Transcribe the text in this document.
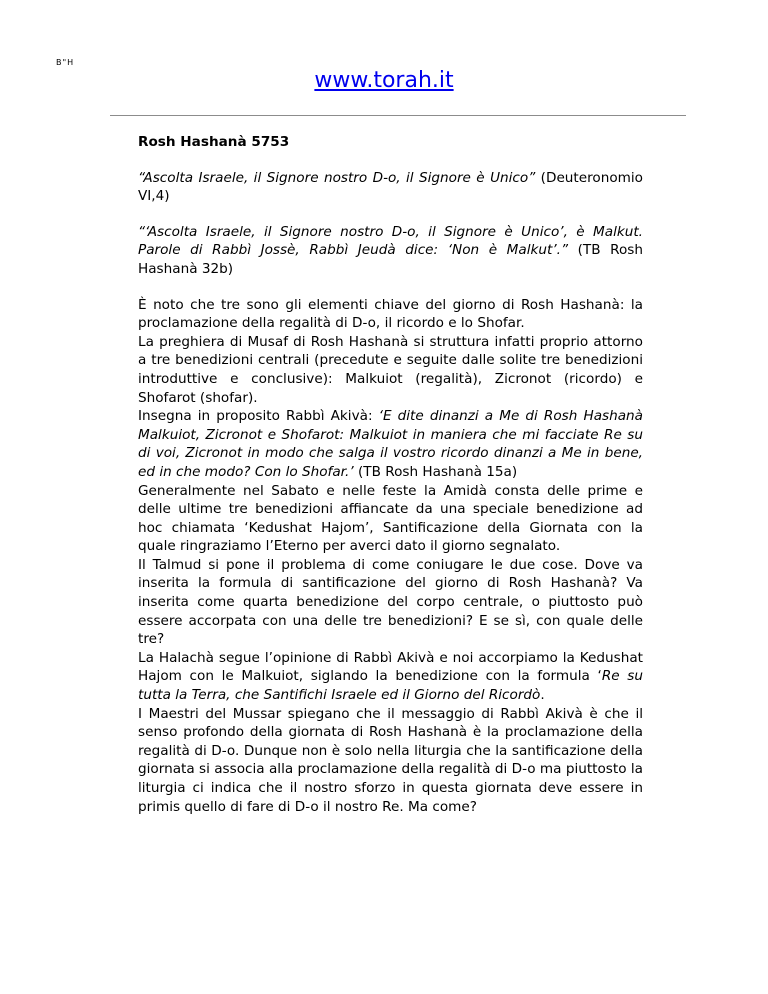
B"H
www.torah.it

Rosh Hashanà 5753

“Ascolta Israele, il Signore nostro D-o, il Signore è Unico” (Deuteronomio VI,4)

“‘Ascolta Israele, il Signore nostro D-o, il Signore è Unico’, è Malkut. Parole di Rabbì Jossè, Rabbì Jeudà dice: ‘Non è Malkut’.” (TB Rosh Hashanà 32b)

È noto che tre sono gli elementi chiave del giorno di Rosh Hashanà: la proclamazione della regalità di D-o, il ricordo e lo Shofar.

La preghiera di Musaf di Rosh Hashanà si struttura infatti proprio attorno a tre benedizioni centrali (precedute e seguite dalle solite tre benedizioni introduttive e conclusive): Malkuiot (regalità), Zicronot (ricordo) e Shofarot (shofar).

Insegna in proposito Rabbì Akivà: ‘E dite dinanzi a Me di Rosh Hashanà Malkuiot, Zicronot e Shofarot: Malkuiot in maniera che mi facciate Re su di voi, Zicronot in modo che salga il vostro ricordo dinanzi a Me in bene, ed in che modo? Con lo Shofar.’ (TB Rosh Hashanà 15a)

Generalmente nel Sabato e nelle feste la Amidà consta delle prime e delle ultime tre benedizioni affiancate da una speciale benedizione ad hoc chiamata ‘Kedushat Hajom’, Santificazione della Giornata con la quale ringraziamo l’Eterno per averci dato il giorno segnalato.

Il Talmud si pone il problema di come coniugare le due cose. Dove va inserita la formula di santificazione del giorno di Rosh Hashanà? Va inserita come quarta benedizione del corpo centrale, o piuttosto può essere accorpata con una delle tre benedizioni? E se sì, con quale delle tre?

La Halachà segue l’opinione di Rabbì Akivà e noi accorpiamo la Kedushat Hajom con le Malkuiot, siglando la benedizione con la formula ‘Re su tutta la Terra, che Santifichi Israele ed il Giorno del Ricordò.

I Maestri del Mussar spiegano che il messaggio di Rabbì Akivà è che il senso profondo della giornata di Rosh Hashanà è la proclamazione della regalità di D-o. Dunque non è solo nella liturgia che la santificazione della giornata si associa alla proclamazione della regalità di D-o ma piuttosto la liturgia ci indica che il nostro sforzo in questa giornata deve essere in primis quello di fare di D-o il nostro Re. Ma come?
